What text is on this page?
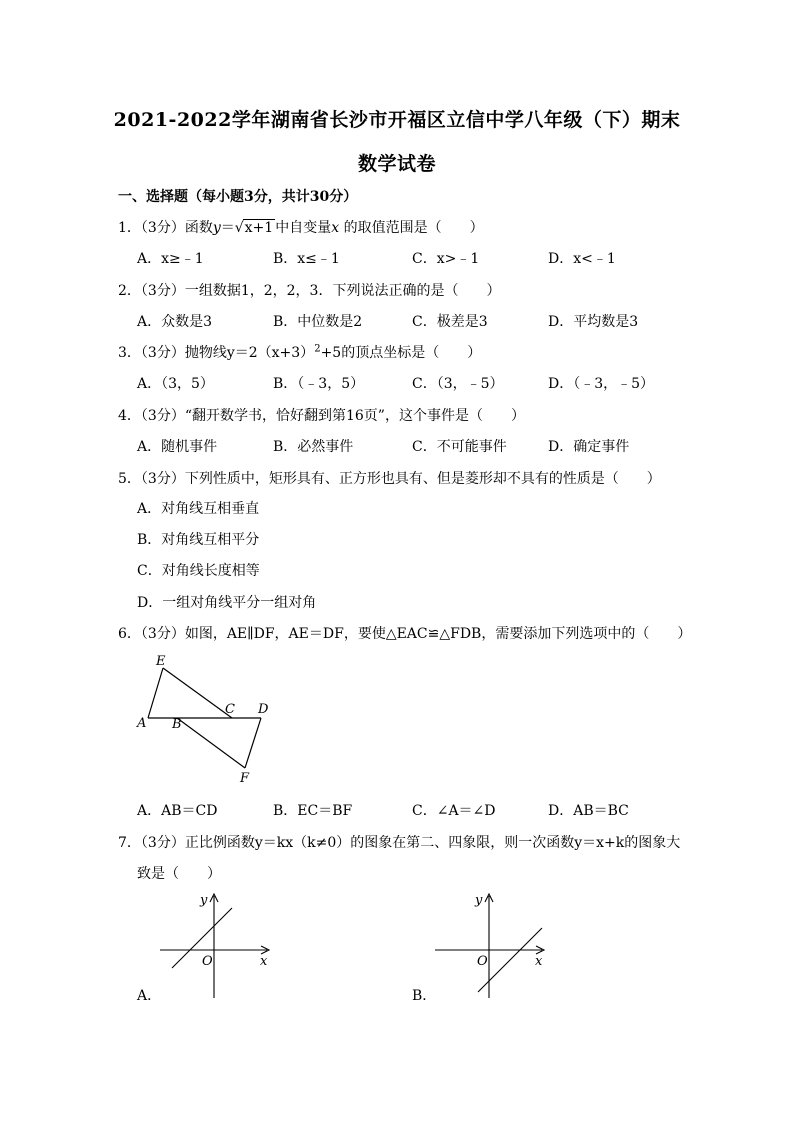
2021-2022学年湖南省长沙市开福区立信中学八年级（下）期末
数学试卷
一、选择题（每小题3分，共计30分）
1．（3分）函数y＝√x+1 中自变量x 的取值范围是（　　）
A．x≥﹣1	B．x≤﹣1	C．x>﹣1	D．x<﹣1
2．（3分）一组数据1，2，2，3．下列说法正确的是（　　）
A．众数是3	B．中位数是2	C．极差是3	D．平均数是3
3．（3分）抛物线$y=2(x+3)^2+5$的顶点坐标是（　　）
A．（3，5）	B．（﹣3，5）	C．（3，﹣5）	D．（﹣3，﹣5）
4．（3分）“翻开数学书，恰好翻到第16页”，这个事件是（　　）
A．随机事件	B．必然事件	C．不可能事件	D．确定事件
5．（3分）下列性质中，矩形具有、正方形也具有、但是菱形却不具有的性质是（　　）
A．对角线互相垂直
B．对角线互相平分
C．对角线长度相等
D．一组对角线平分一组对角
6．（3分）如图，AE∥DF，AE＝DF，要使△EAC≌△FDB，需要添加下列选项中的（　　）
E
A B
C D
F
A．AB＝CD	B．EC＝BF	C．∠A＝∠D	D．AB＝BC
7．（3分）正比例函数y＝kx（k≠0）的图象在第二、四象限，则一次函数y＝x+k的图象大
致是（　　）
y
x
O
A．
y
x
O
B．
